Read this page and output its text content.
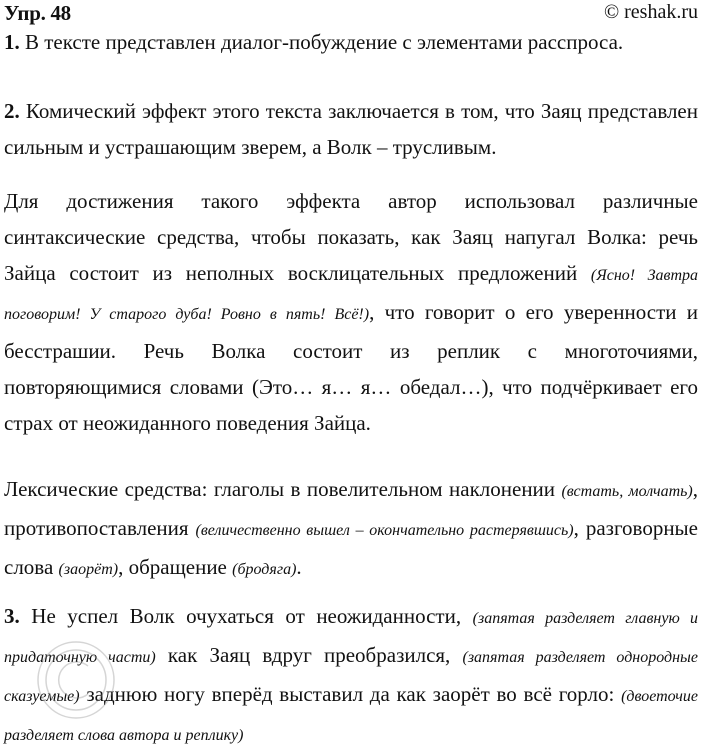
Упр. 48	© reshak.ru

1. В тексте представлен диалог-побуждение с элементами расспроса.

2. Комический эффект этого текста заключается в том, что Заяц представлен сильным и устрашающим зверем, а Волк – трусливым.

Для достижения такого эффекта автор использовал различные синтаксические средства, чтобы показать, как Заяц напугал Волка: речь Зайца состоит из неполных восклицательных предложений (Ясно! Завтра поговорим! У старого дуба! Ровно в пять! Всё!), что говорит о его уверенности и бесстрашии. Речь Волка состоит из реплик с многоточиями, повторяющимися словами (Это… я… я… обедал…), что подчёркивает его страх от неожиданного поведения Зайца.

Лексические средства: глаголы в повелительном наклонении (встать, молчать), противопоставления (величественно вышел – окончательно растерявшись), разговорные слова (заорёт), обращение (бродяга).

3. Не успел Волк очухаться от неожиданности, (запятая разделяет главную и придаточную части) как Заяц вдруг преобразился, (запятая разделяет однородные сказуемые) заднюю ногу вперёд выставил да как заорёт во всё горло: (двоеточие разделяет слова автора и реплику)
